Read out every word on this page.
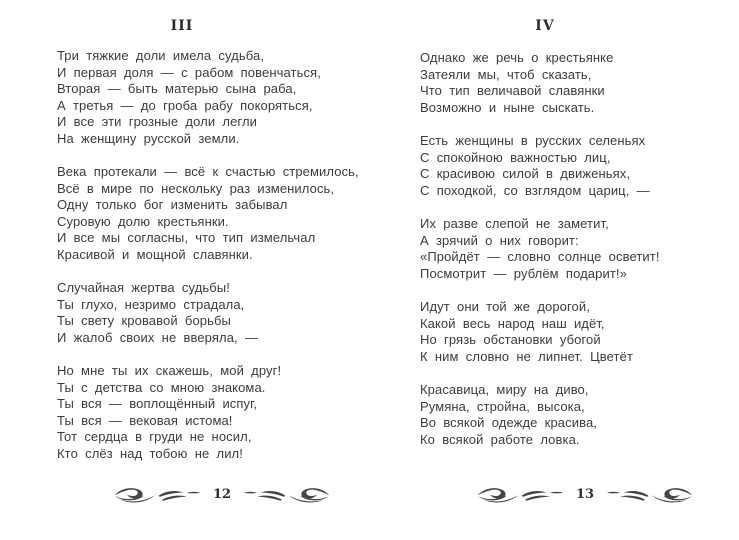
III

Три тяжкие доли имела судьба,

И первая доля — с рабом повенчаться,

Вторая — быть матерью сына раба,

А третья — до гроба рабу покоряться,

И все эти грозные доли легли

На женщину русской земли.

Века протекали — всё к счастью стремилось,

Всё в мире по нескольку раз изменилось,

Одну только бог изменить забывал

Суровую долю крестьянки.

И все мы согласны, что тип измельчал

Красивой и мощной славянки.

Случайная жертва судьбы!

Ты глухо, незримо страдала,

Ты свету кровавой борьбы

И жалоб своих не вверяла, —

Но мне ты их скажешь, мой друг!

Ты с детства со мною знакома.

Ты вся — воплощённый испуг,

Ты вся — вековая истома!

Тот сердца в груди не носил,

Кто слёз над тобою не лил!

12
IV

Однако же речь о крестьянке

Затеяли мы, чтоб сказать,

Что тип величавой славянки

Возможно и ныне сыскать.

Есть женщины в русских селеньях

С спокойною важностью лиц,

С красивою силой в движеньях,

С походкой, со взглядом цариц, —

Их разве слепой не заметит,

А зрячий о них говорит:

«Пройдёт — словно солнце осветит!

Посмотрит — рублём подарит!»

Идут они той же дорогой,

Какой весь народ наш идёт,

Но грязь обстановки убогой

К ним словно не липнет. Цветёт

Красавица, миру на диво,

Румяна, стройна, высока,

Во всякой одежде красива,

Ко всякой работе ловка.

13
